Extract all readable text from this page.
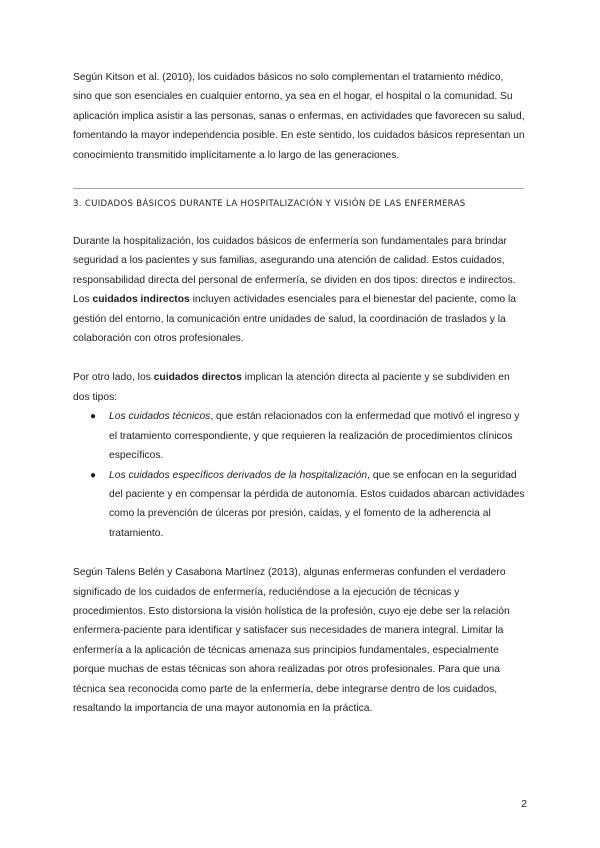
Según Kitson et al. (2010), los cuidados básicos no solo complementan el tratamiento médico, sino que son esenciales en cualquier entorno, ya sea en el hogar, el hospital o la comunidad. Su aplicación implica asistir a las personas, sanas o enfermas, en actividades que favorecen su salud, fomentando la mayor independencia posible. En este sentido, los cuidados básicos representan un conocimiento transmitido implícitamente a lo largo de las generaciones.

3. CUIDADOS BÁSICOS DURANTE LA HOSPITALIZACIÓN Y VISIÓN DE LAS ENFERMERAS

Durante la hospitalización, los cuidados básicos de enfermería son fundamentales para brindar seguridad a los pacientes y sus familias, asegurando una atención de calidad. Estos cuidados, responsabilidad directa del personal de enfermería, se dividen en dos tipos: directos e indirectos.

Los cuidados indirectos incluyen actividades esenciales para el bienestar del paciente, como la gestión del entorno, la comunicación entre unidades de salud, la coordinación de traslados y la colaboración con otros profesionales.

Por otro lado, los cuidados directos implican la atención directa al paciente y se subdividen en dos tipos:

● Los cuidados técnicos, que están relacionados con la enfermedad que motivó el ingreso y el tratamiento correspondiente, y que requieren la realización de procedimientos clínicos específicos.
● Los cuidados específicos derivados de la hospitalización, que se enfocan en la seguridad del paciente y en compensar la pérdida de autonomía. Estos cuidados abarcan actividades como la prevención de úlceras por presión, caídas, y el fomento de la adherencia al tratamiento.

Según Talens Belén y Casabona Martínez (2013), algunas enfermeras confunden el verdadero significado de los cuidados de enfermería, reduciéndose a la ejecución de técnicas y procedimientos. Esto distorsiona la visión holística de la profesión, cuyo eje debe ser la relación enfermera-paciente para identificar y satisfacer sus necesidades de manera integral. Limitar la enfermería a la aplicación de técnicas amenaza sus principios fundamentales, especialmente porque muchas de estas técnicas son ahora realizadas por otros profesionales. Para que una técnica sea reconocida como parte de la enfermería, debe integrarse dentro de los cuidados, resaltando la importancia de una mayor autonomía en la práctica.

2
